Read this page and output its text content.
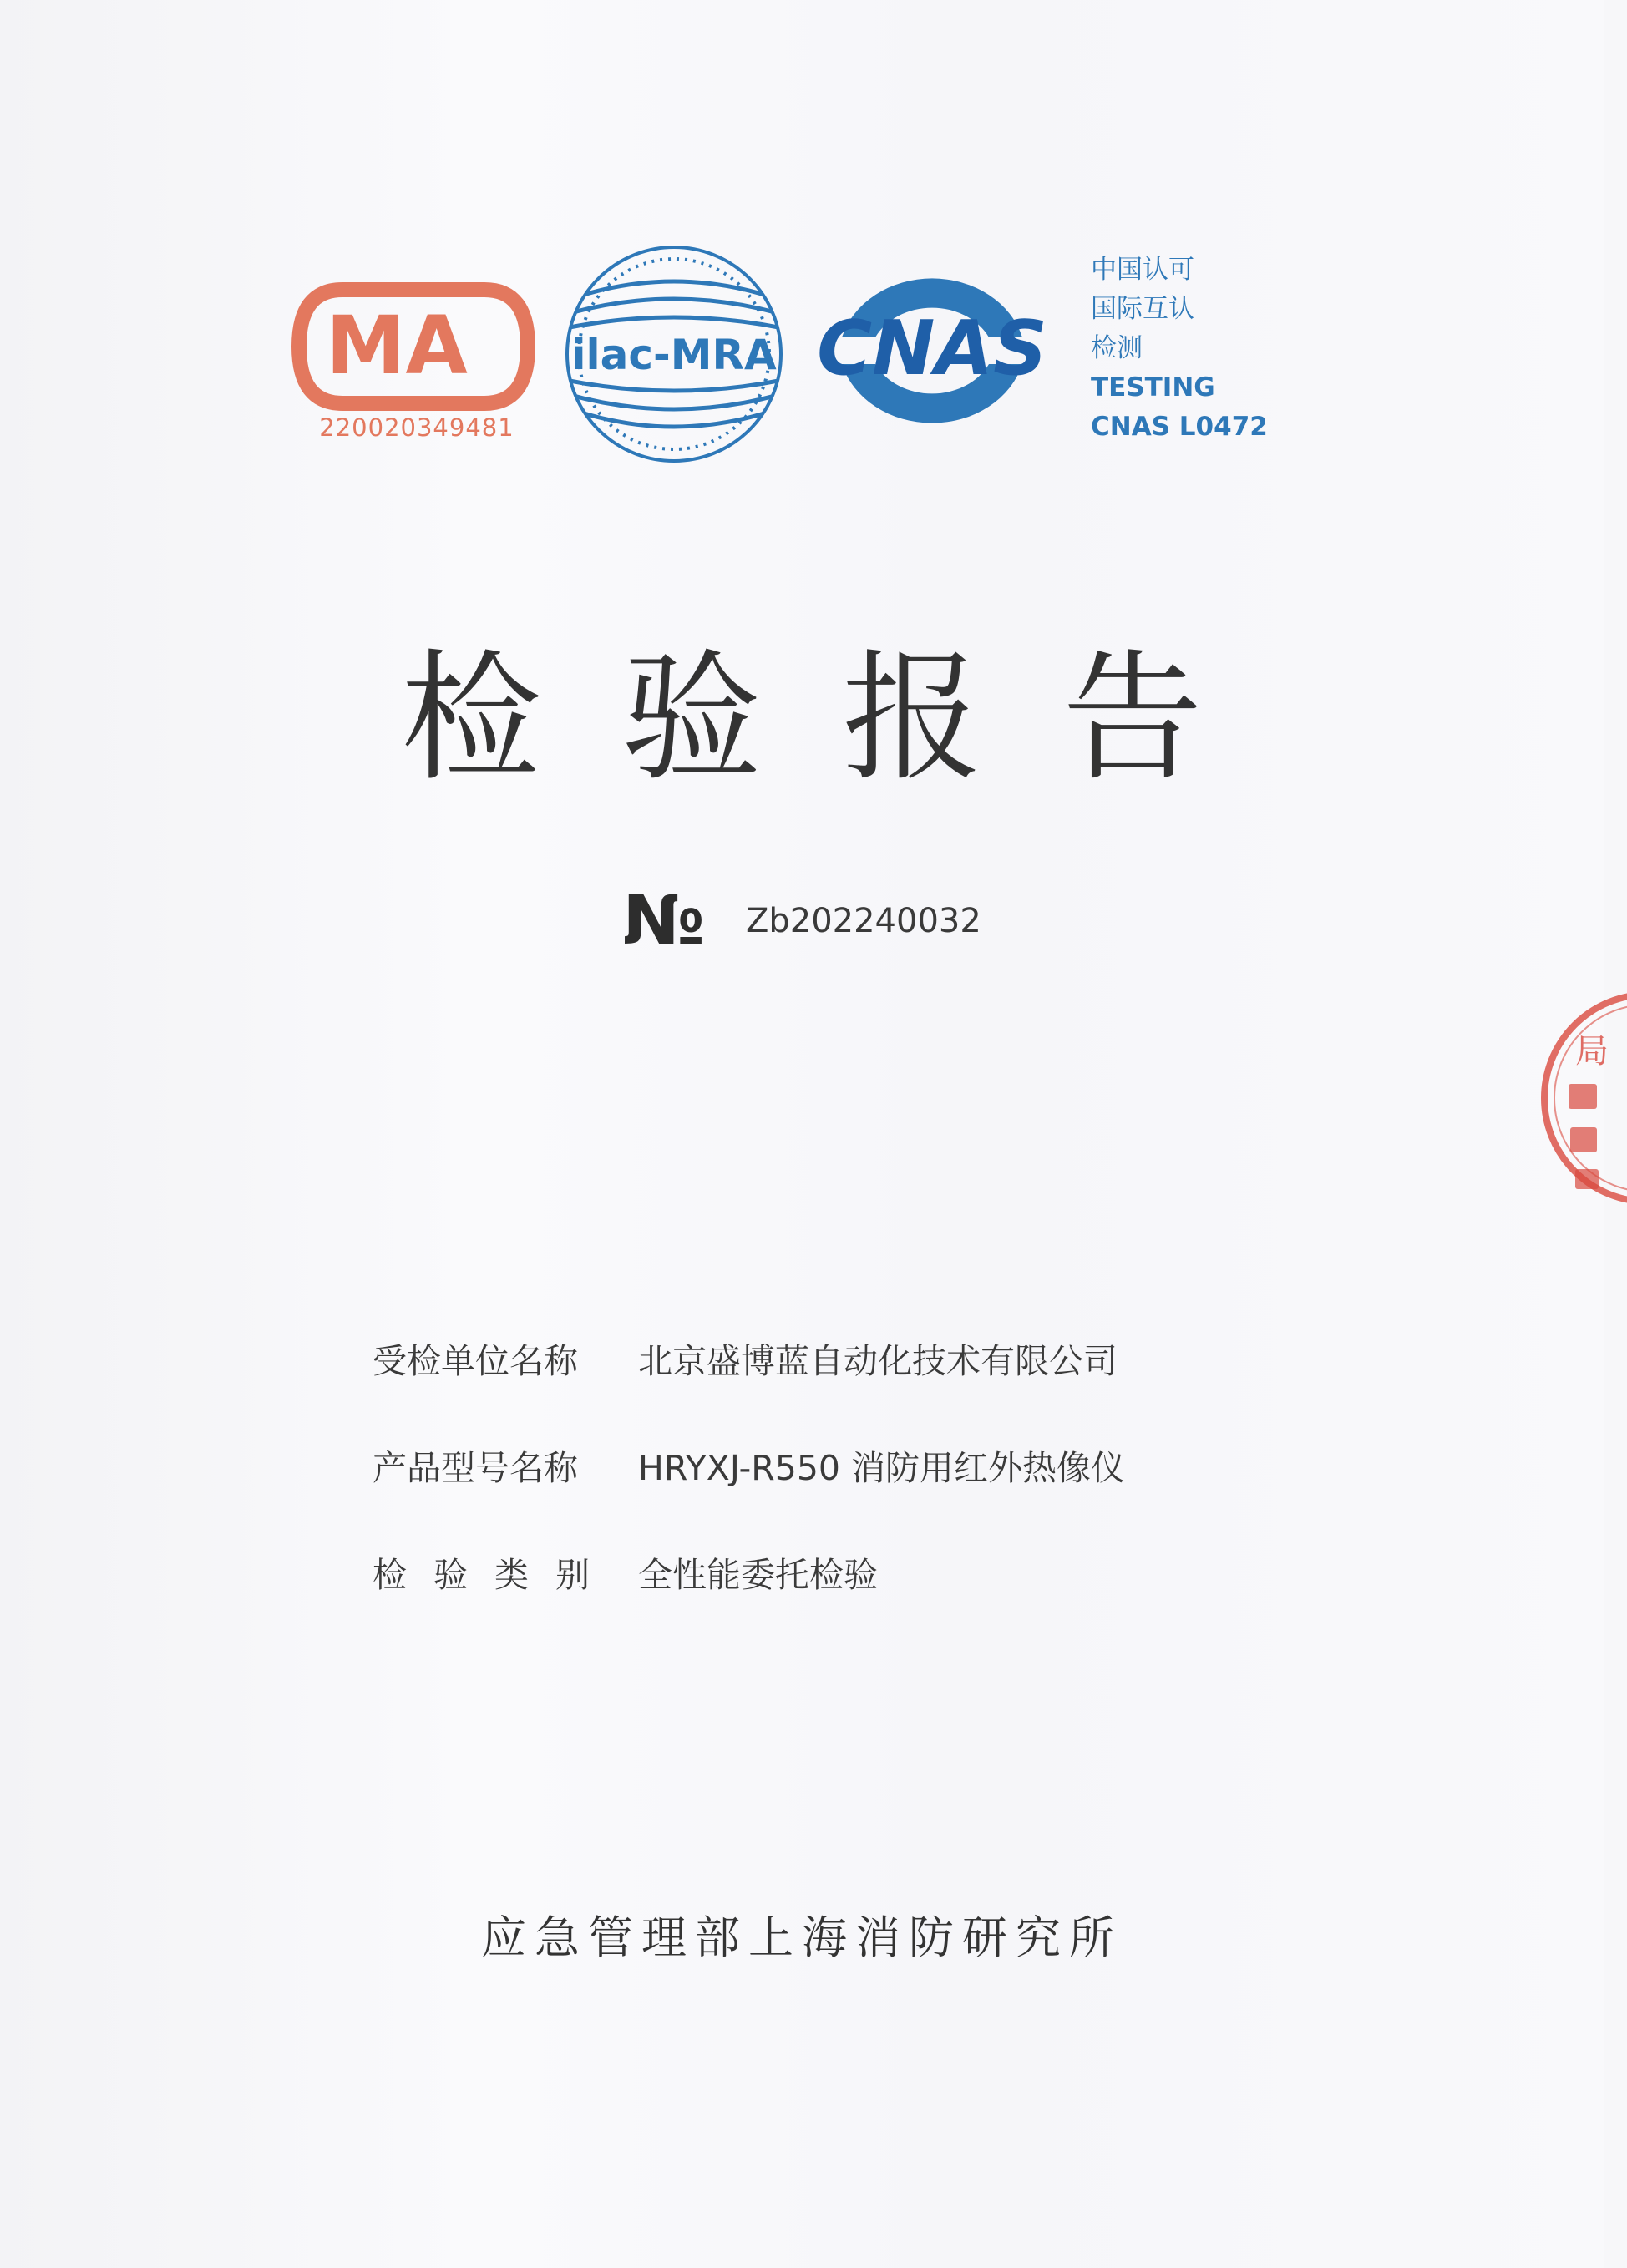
MA
220020349481
ilac-MRA CNAS
中国认可
国际互认
检测
TESTING
CNAS L0472
检验报告
№ Zb202240032
受检单位名称	北京盛博蓝自动化技术有限公司
产品型号名称	HRYXJ-R550 消防用红外热像仪
检验类别 全性能委托检验
应急管理部上海消防研究所
局
